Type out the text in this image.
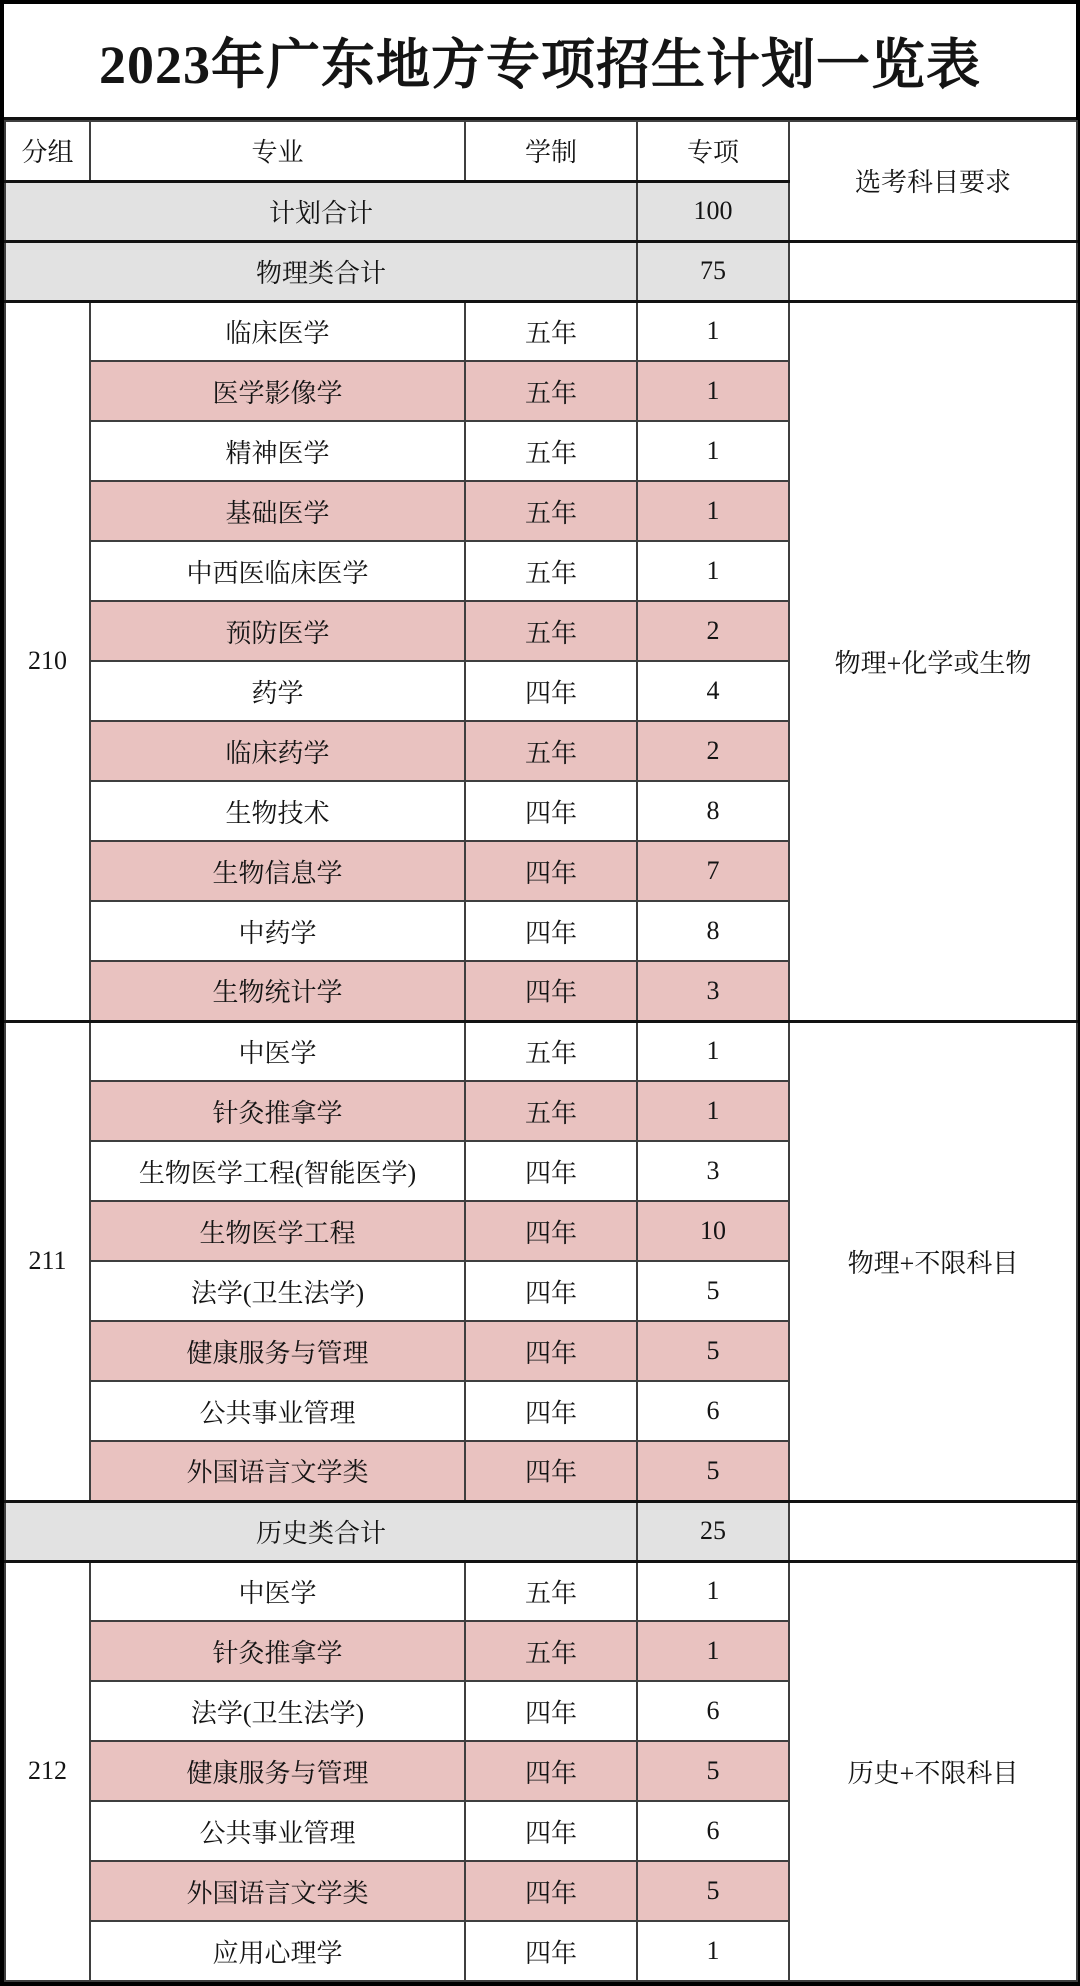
2023年广东地方专项招生计划一览表
分组	专业	学制	专项	选考科目要求
计划合计			100	
物理类合计			75	
210	临床医学	五年	1	物理+化学或生物
	医学影像学	五年	1	
	精神医学	五年	1	
	基础医学	五年	1	
	中西医临床医学	五年	1	
	预防医学	五年	2	
	药学	四年	4	
	临床药学	五年	2	
	生物技术	四年	8	
	生物信息学	四年	7	
	中药学	四年	8	
	生物统计学	四年	3	
211	中医学	五年	1	物理+不限科目
	针灸推拿学	五年	1	
	生物医学工程(智能医学)	四年	3	
	生物医学工程	四年	10	
	法学(卫生法学)	四年	5	
	健康服务与管理	四年	5	
	公共事业管理	四年	6	
	外国语言文学类	四年	5	
历史类合计			25	
212	中医学	五年	1	历史+不限科目
	针灸推拿学	五年	1	
	法学(卫生法学)	四年	6	
	健康服务与管理	四年	5	
	公共事业管理	四年	6	
	外国语言文学类	四年	5	
	应用心理学	四年	1	
